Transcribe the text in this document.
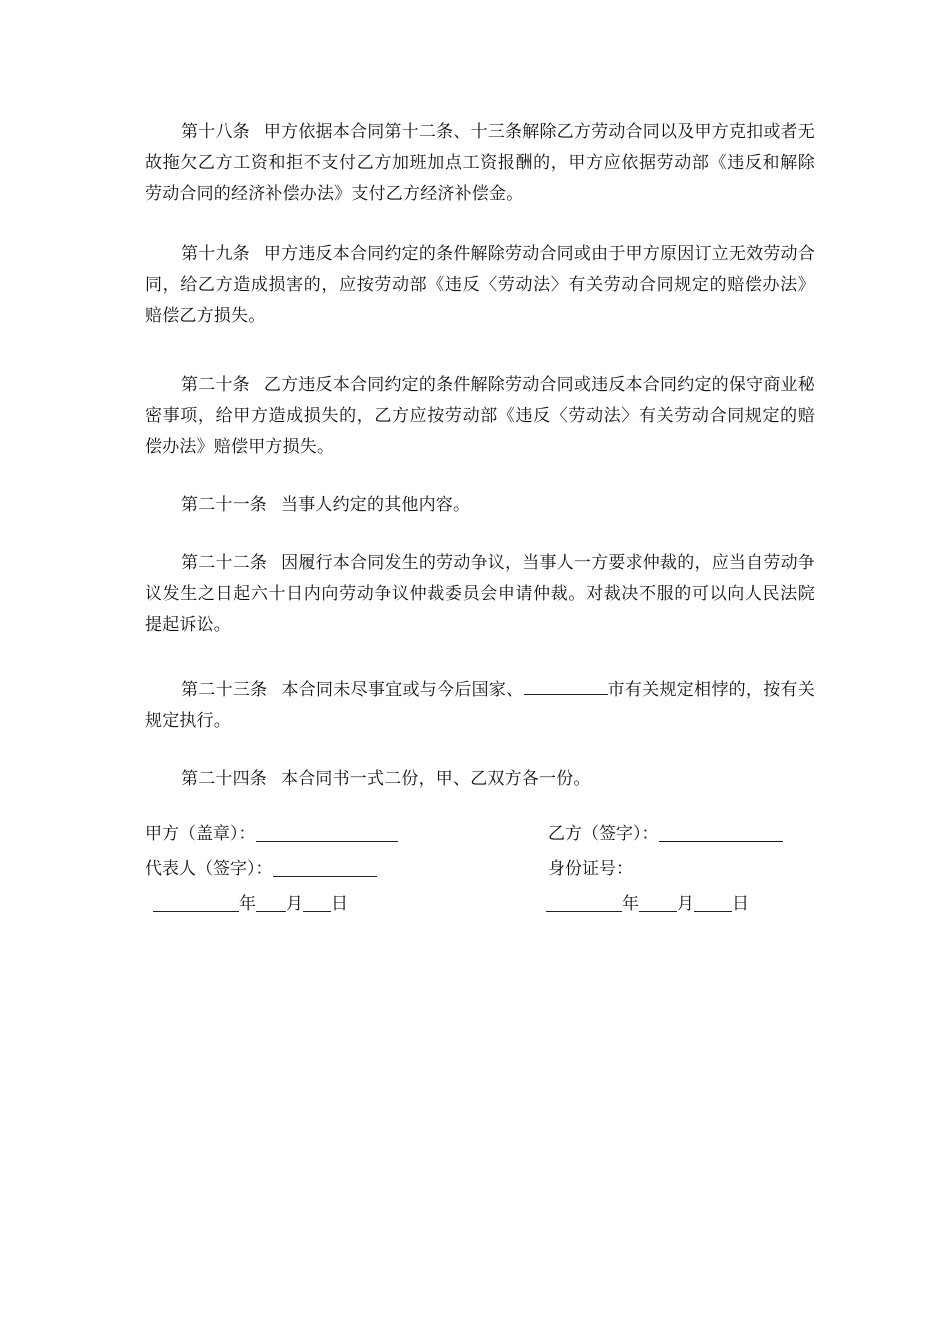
第十八条 甲方依据本合同第十二条、十三条解除乙方劳动合同以及甲方克扣或者无故拖欠乙方工资和拒不支付乙方加班加点工资报酬的，甲方应依据劳动部《违反和解除劳动合同的经济补偿办法》支付乙方经济补偿金。

第十九条 甲方违反本合同约定的条件解除劳动合同或由于甲方原因订立无效劳动合同，给乙方造成损害的，应按劳动部《违反〈劳动法〉有关劳动合同规定的赔偿办法》赔偿乙方损失。

第二十条 乙方违反本合同约定的条件解除劳动合同或违反本合同约定的保守商业秘密事项，给甲方造成损失的，乙方应按劳动部《违反〈劳动法〉有关劳动合同规定的赔偿办法》赔偿甲方损失。

第二十一条 当事人约定的其他内容。

第二十二条 因履行本合同发生的劳动争议，当事人一方要求仲裁的，应当自劳动争议发生之日起六十日内向劳动争议仲裁委员会申请仲裁。对裁决不服的可以向人民法院提起诉讼。

第二十三条 本合同未尽事宜或与今后国家、	市有关规定相悖的，按有关规定执行。

第二十四条 本合同书一式二份，甲、乙双方各一份。

甲方（盖章）：
代表人（签字）：
年 月 日
乙方（签字）：
身份证号：
年 月 日
